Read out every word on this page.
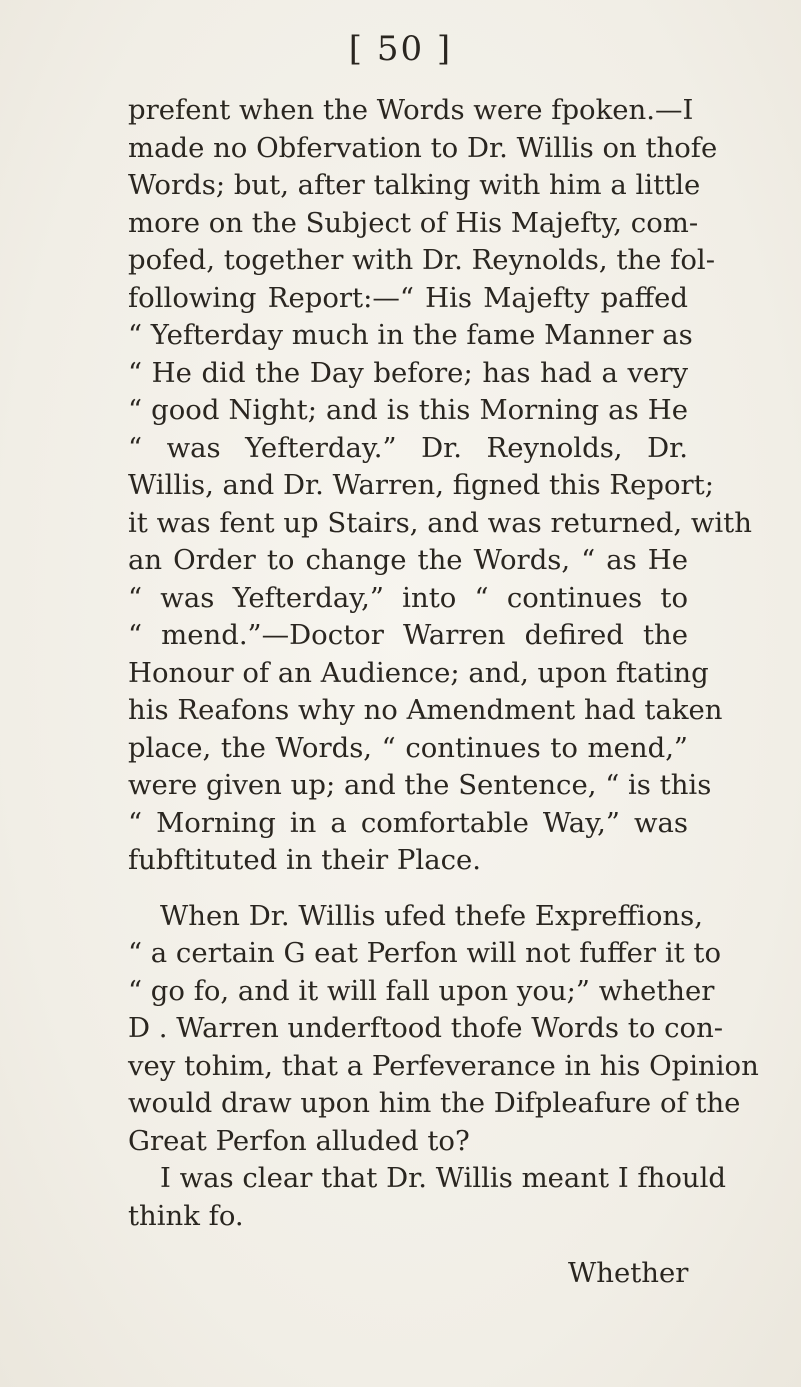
[ 50 ]
prefent when the Words were fpoken.—I
made no Obfervation to Dr. Willis on thofe
Words; but, after talking with him a little
more on the Subject of His Majefty, com-
pofed, together with Dr. Reynolds, the fol-
following Report:—“ His Majefty paffed
“ Yefterday much in the fame Manner as
“ He did the Day before; has had a very
“ good Night; and is this Morning as He
“ was Yefterday.” Dr. Reynolds, Dr.
Willis, and Dr. Warren, figned this Report;
it was fent up Stairs, and was returned, with
an Order to change the Words, “ as He
“ was Yefterday,” into “ continues to
“ mend.”—Doctor Warren defired the
Honour of an Audience; and, upon ftating
his Reafons why no Amendment had taken
place, the Words, “ continues to mend,”
were given up; and the Sentence, “ is this
“ Morning in a comfortable Way,” was
fubftituted in their Place.
When Dr. Willis ufed thefe Expreffions,
“ a certain G eat Perfon will not fuffer it to
“ go fo, and it will fall upon you;” whether
D . Warren underftood thofe Words to con-
vey tohim, that a Perfeverance in his Opinion
would draw upon him the Difpleafure of the
Great Perfon alluded to?
I was clear that Dr. Willis meant I fhould
think fo.
Whether
